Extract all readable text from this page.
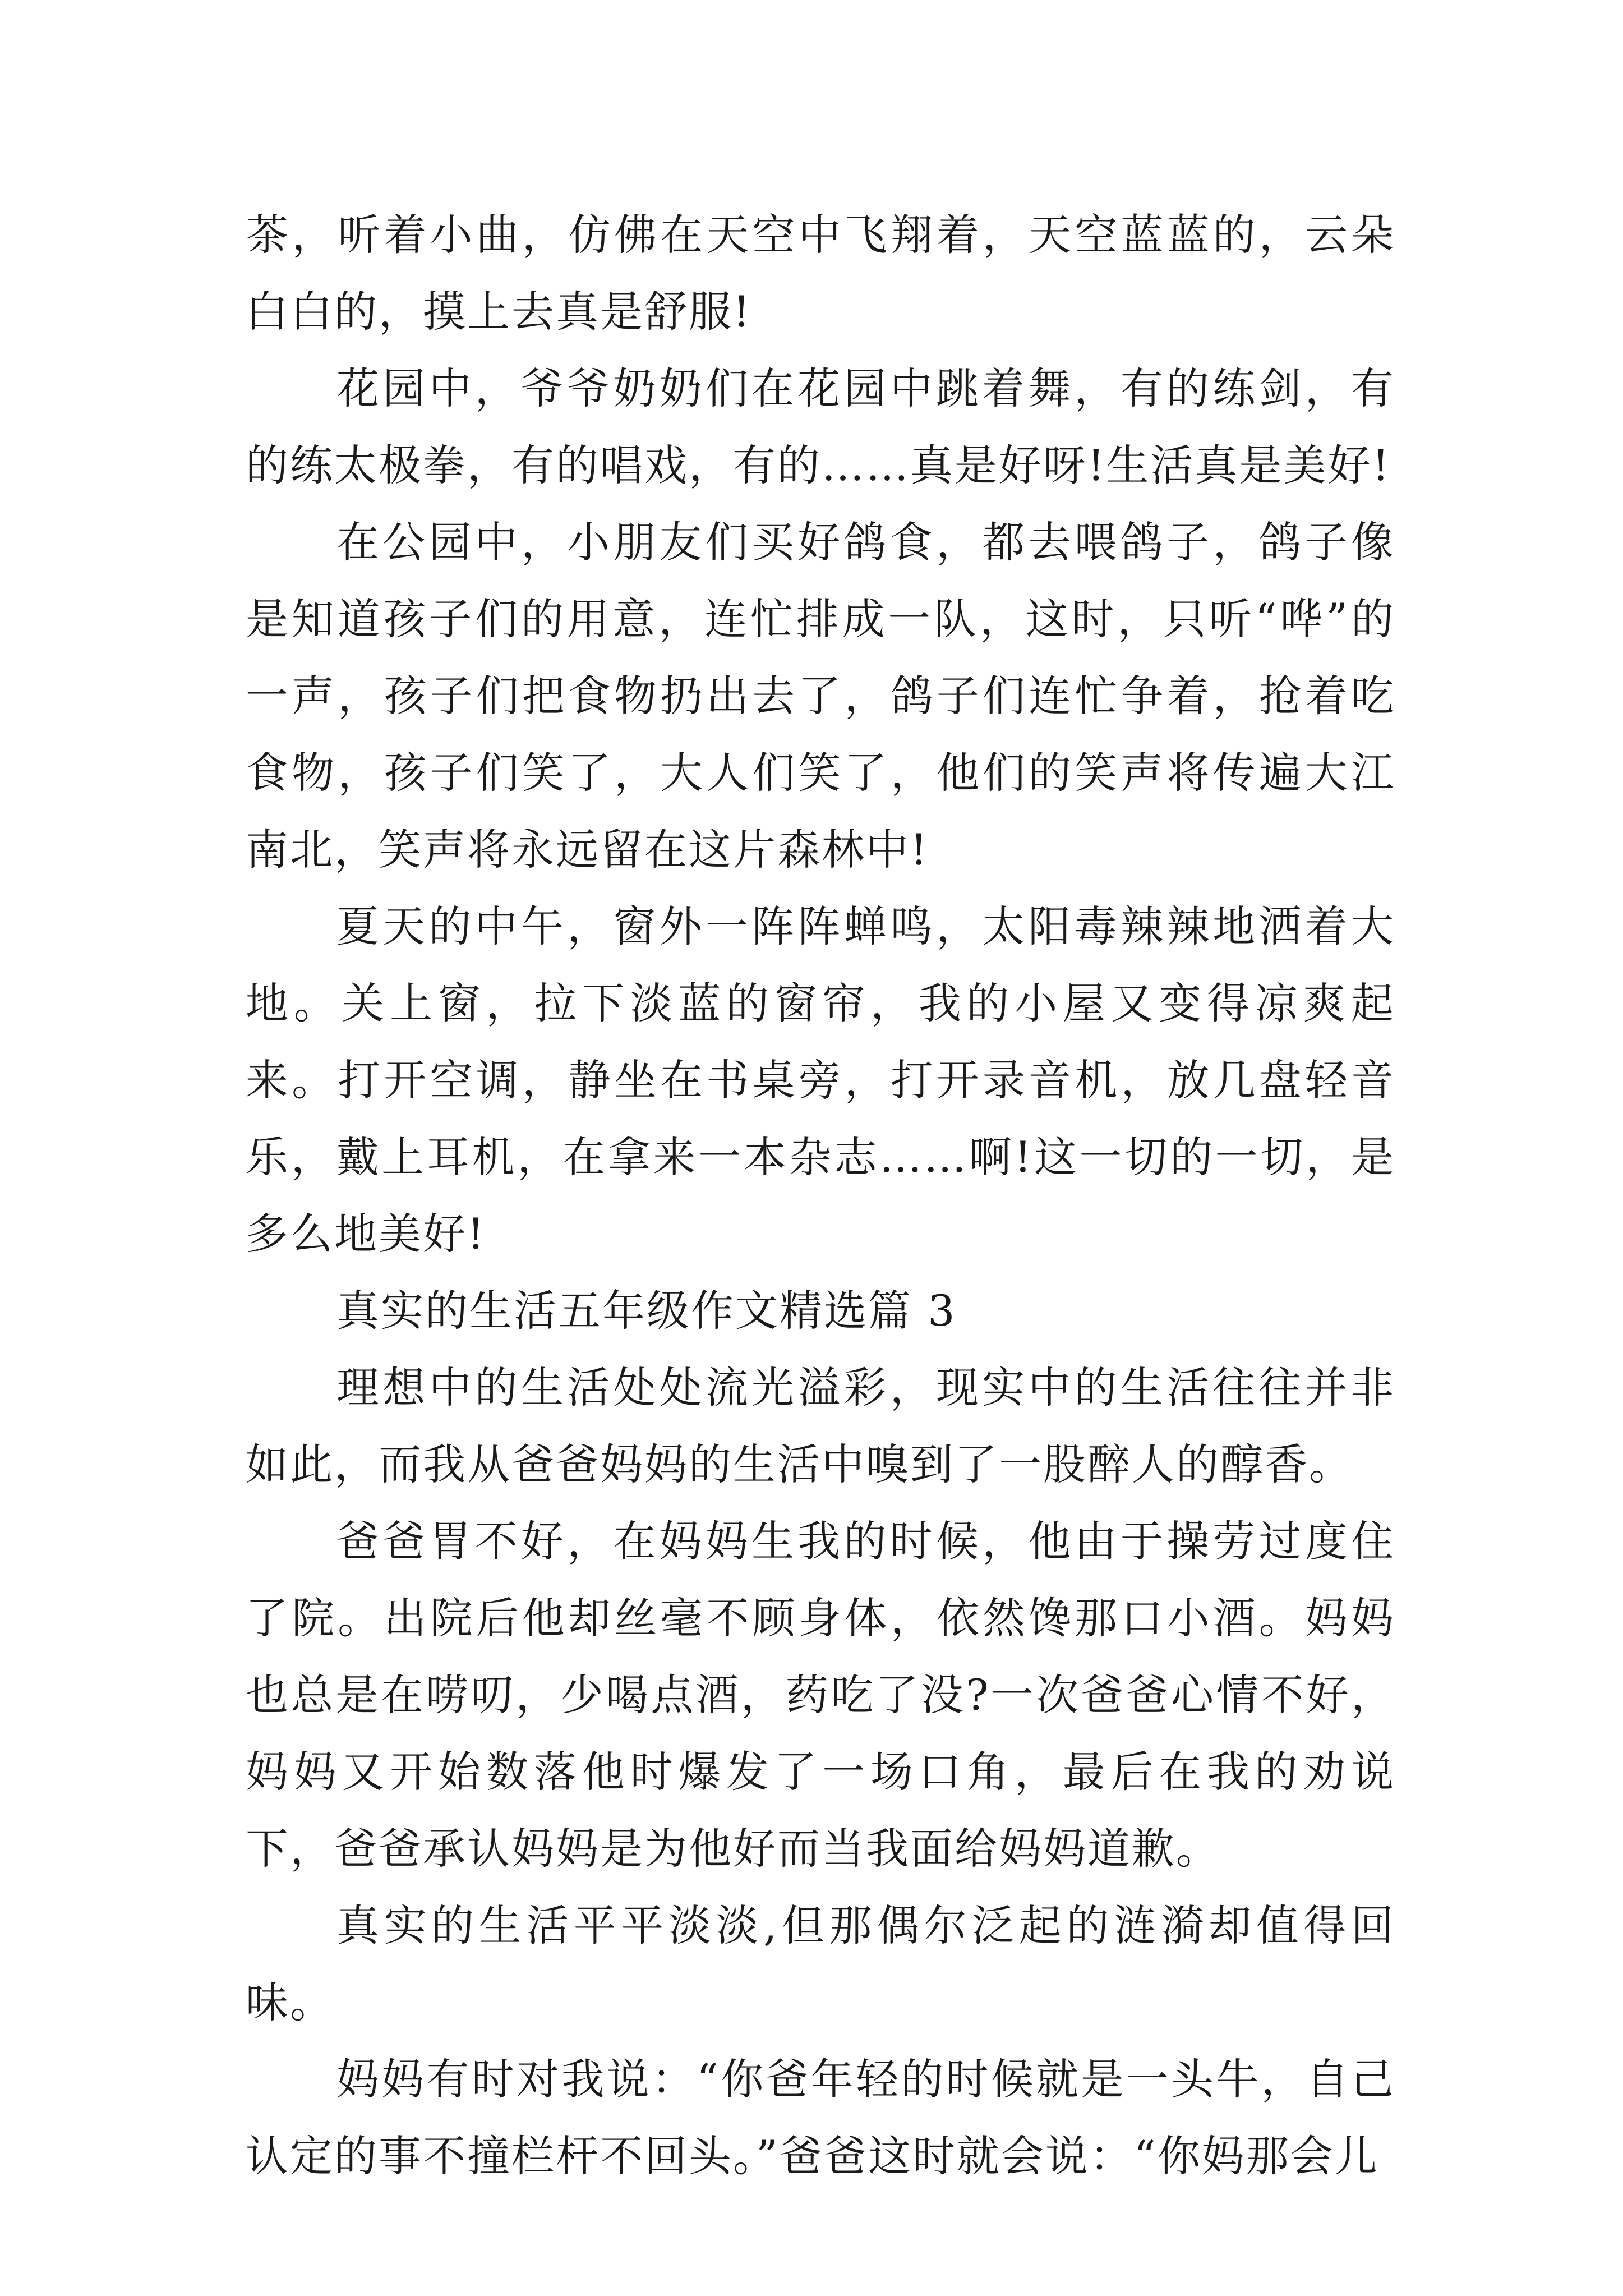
茶，听着小曲，仿佛在天空中飞翔着，天空蓝蓝的，云朵白白的，摸上去真是舒服!

花园中，爷爷奶奶们在花园中跳着舞，有的练剑，有的练太极拳，有的唱戏，有的……真是好呀!生活真是美好!

在公园中，小朋友们买好鸽食，都去喂鸽子，鸽子像是知道孩子们的用意，连忙排成一队，这时，只听“哗”的一声，孩子们把食物扔出去了，鸽子们连忙争着，抢着吃食物，孩子们笑了，大人们笑了，他们的笑声将传遍大江南北，笑声将永远留在这片森林中!

夏天的中午，窗外一阵阵蝉鸣，太阳毒辣辣地洒着大地。关上窗，拉下淡蓝的窗帘，我的小屋又变得凉爽起来。打开空调，静坐在书桌旁，打开录音机，放几盘轻音乐，戴上耳机，在拿来一本杂志……啊!这一切的一切，是多么地美好!

真实的生活五年级作文精选篇 3

理想中的生活处处流光溢彩，现实中的生活往往并非如此，而我从爸爸妈妈的生活中嗅到了一股醉人的醇香。

爸爸胃不好，在妈妈生我的时候，他由于操劳过度住了院。出院后他却丝毫不顾身体，依然馋那口小酒。妈妈也总是在唠叨，少喝点酒，药吃了没?一次爸爸心情不好，妈妈又开始数落他时爆发了一场口角，最后在我的劝说下，爸爸承认妈妈是为他好而当我面给妈妈道歉。

真实的生活平平淡淡,但那偶尔泛起的涟漪却值得回味。

妈妈有时对我说：“你爸年轻的时候就是一头牛，自己认定的事不撞栏杆不回头。”爸爸这时就会说：“你妈那会儿
